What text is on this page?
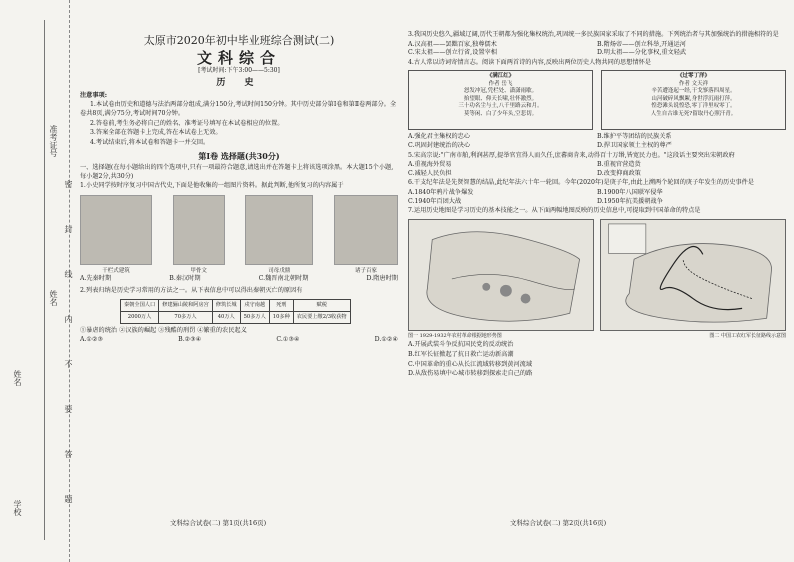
准考证号
姓名
姓名
学校
密
封
线
内
不
要
答
题
太原市2020年初中毕业班综合测试(二)
文科综合
[考试时间:下午3:00——5:30]
历 史
注意事项:
1.本试卷由历史和道德与法治两部分组成,满分150分,考试时间150分钟。其中历史部分第Ⅰ卷和第Ⅱ卷两部分。全卷共8页,满分75分,考试时间70分钟。
2.答卷前,考生务必将自己的姓名、准考证号填写在本试卷相应的位置。
3.答案全部在答题卡上完成,答在本试卷上无效。
4.考试结束后,将本试卷和答题卡一并交回。
第Ⅰ卷 选择题(共30分)
一、选择题(在每小题给出的四个选项中,只有一项最符合题意,请选出并在答题卡上将该选项涂黑。本大题15个小题,每小题2分,共30分)
1.小史同学按时序复习中国古代史,下面是他收集的一组图片资料。据此判断,他所复习的内容属于
干栏式建筑	甲骨文	司母戊鼎	诸子百家
A.先秦时期	B.秦汉时期	C.魏晋南北朝时期	D.隋唐时期
2.列表归纳是历史学习常用的方法之一。从下表信息中可以得出秦朝灭亡的原因有
秦朝全国人口	修建骊山陵和阿房宫	修筑长城	戍守南越	死刑	赋税
2000万人	70多万人	40万人	50多万人	10多种	农民要上缴2/3收获物
①暴虐的统治 ②汉族的崛起 ③残酷的刑罚 ④繁重的农民起义
A.①②③	B.②③④	C.①③④	D.①②④
文科综合试卷(二) 第1页(共16页)
3.我国历史悠久,疆域辽阔,历代王朝都为强化集权统治,巩固统一多民族国家采取了不同的措施。下列统治者与其加强统治的措施相符的是
A.汉高祖——罢黜百家,独尊儒术	B.隋炀帝——创立科举,开通运河
C.宋太祖——创立行省,设置宰相	D.明太祖——分化事权,重文轻武
4.古人常以诗词寄情言志。阅读下面两首诗的内容,反映出两位历史人物共同的思想情怀是
《满江红》
作者 岳飞
怒发冲冠,凭栏处、潇潇雨歇。
抬望眼、仰天长啸,壮怀激烈。
三十功名尘与土,八千里路云和月。
莫等闲、白了少年头,空悲切。
《过零丁洋》
作者 文天祥
辛苦遭逢起一经,干戈寥落四周星。
山河破碎风飘絮,身世浮沉雨打萍。
惶恐滩头说惶恐,零丁洋里叹零丁。
人生自古谁无死?留取丹心照汗青。
A.强化君主集权的忠心	B.维护平等团结的民族关系
C.巩固封建统治的决心	D.捍卫国家领土主权的尊严
5.宋高宗说:"广南市舶,利润甚厚,提举官宜得人而久任,庶蕃商肯来,动得百十万缗,皆宽民力也。"这段话主要突出宋朝政府
A.重视海外贸易	B.重视官营造货
C.减轻人民负担	D.改变抑商政策
6.干支纪年法是先贤智慧的结晶,此纪年法六十年一轮回。今年(2020年)是庚子年,由此上溯两个轮回的庚子年发生的历史事件是
A.1840年鸦片战争爆发	B.1900年八国联军侵华
C.1940年百团大战	D.1950年抗美援朝战争
7.运用历史地图是学习历史的基本技能之一。从下面两幅地图反映的历史信息中,可提取到中国革命的特点是
图一 1929-1932年农村革命根据地形势图	图二 中国工农红军长征路线示意图
A.开展武装斗争反抗国民党的反动统治
B.红军长征掀起了抗日救亡运动新高潮
C.中国革命的重心从长江流域转移到黄河流域
D.从敌伤易填中心城市转移到探索走自己的路
文科综合试卷(二) 第2页(共16页)
